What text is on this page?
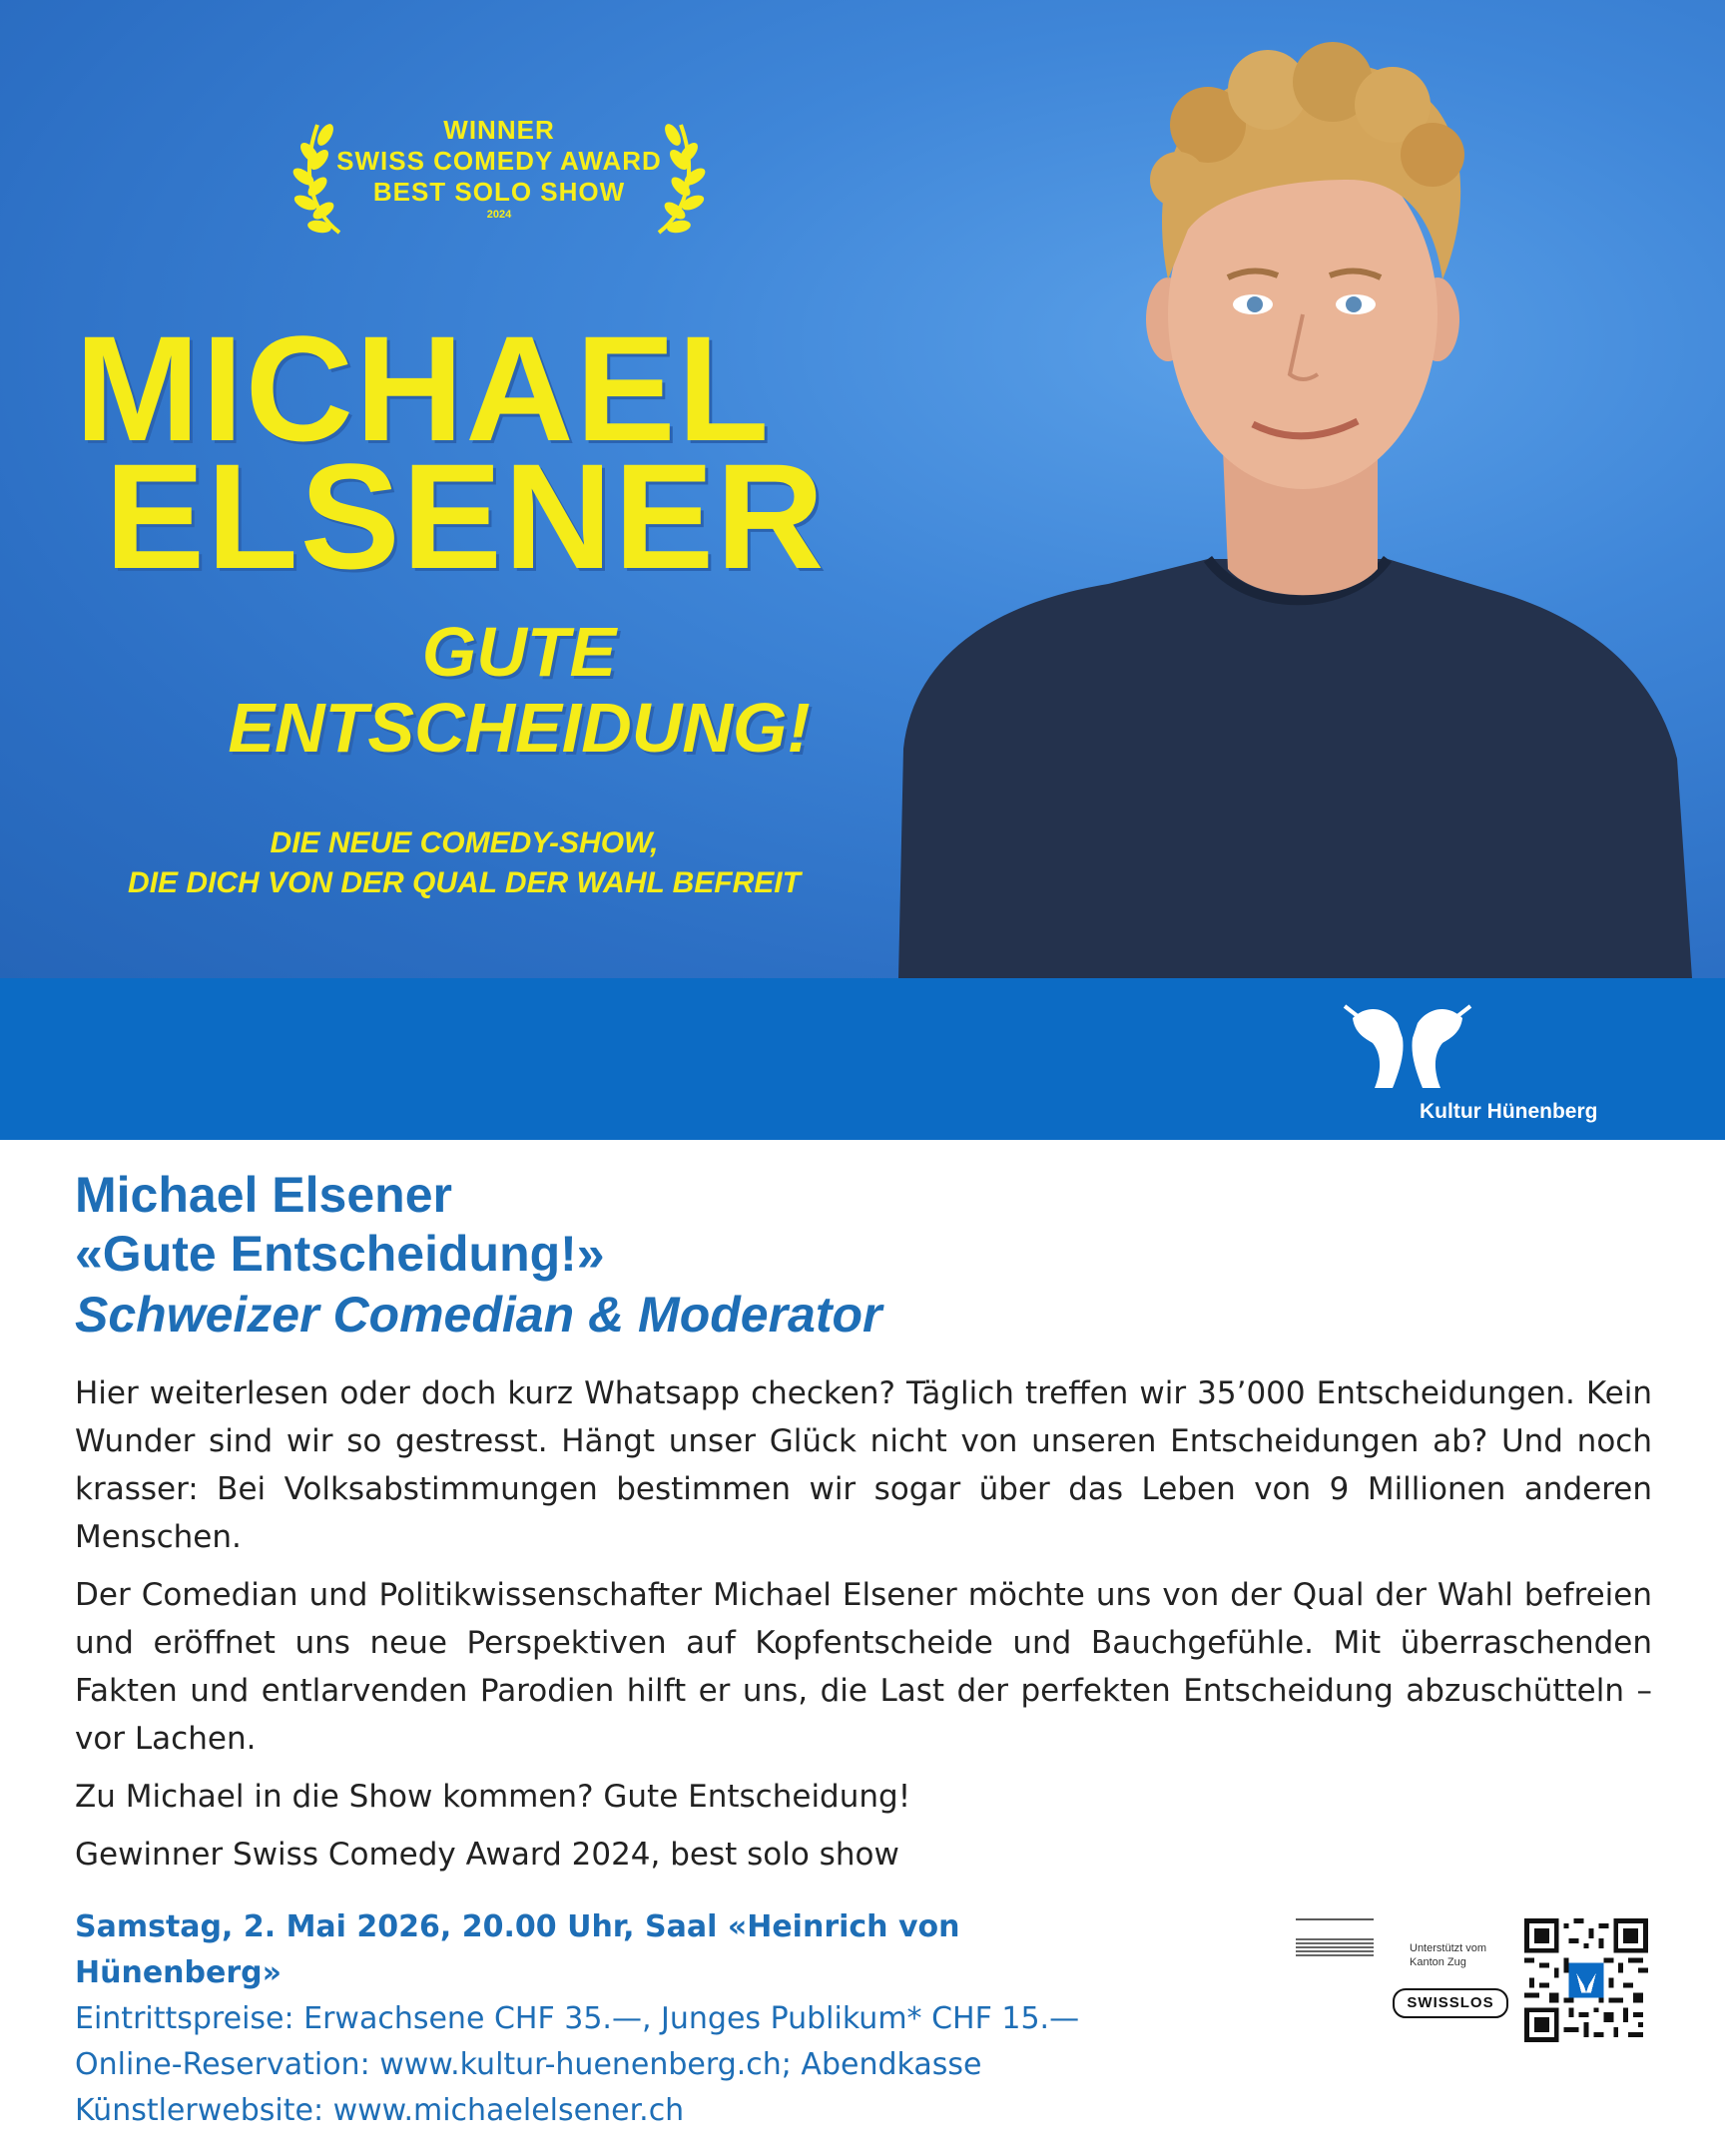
WINNER
SWISS COMEDY AWARD
BEST SOLO SHOW
2024
MICHAEL
ELSENER
GUTE
ENTSCHEIDUNG!
DIE NEUE COMEDY-SHOW,
DIE DICH VON DER QUAL DER WAHL BEFREIT
Kultur Hünenberg
Michael Elsener
«Gute Entscheidung!»
Schweizer Comedian & Moderator

Hier weiterlesen oder doch kurz Whatsapp checken? Täglich treffen wir 35’000 Entscheidungen. Kein Wunder sind wir so gestresst. Hängt unser Glück nicht von unseren Entscheidungen ab? Und noch krasser: Bei Volksabstimmungen bestimmen wir sogar über das Leben von 9 Millionen anderen Menschen.

Der Comedian und Politikwissenschafter Michael Elsener möchte uns von der Qual der Wahl befreien und eröffnet uns neue Perspektiven auf Kopfentscheide und Bauchgefühle. Mit überraschenden Fakten und entlarvenden Parodien hilft er uns, die Last der perfekten Entscheidung abzuschütteln – vor Lachen.

Zu Michael in die Show kommen? Gute Entscheidung!

Gewinner Swiss Comedy Award 2024, best solo show

Samstag, 2. Mai 2026, 20.00 Uhr, Saal «Heinrich von Hünenberg»
Eintrittspreise: Erwachsene CHF 35.—, Junges Publikum* CHF 15.—
Online-Reservation: www.kultur-huenenberg.ch; Abendkasse
Künstlerwebsite: www.michaelelsener.ch
Unterstützt vom
Kanton Zug
SWISSLOS
